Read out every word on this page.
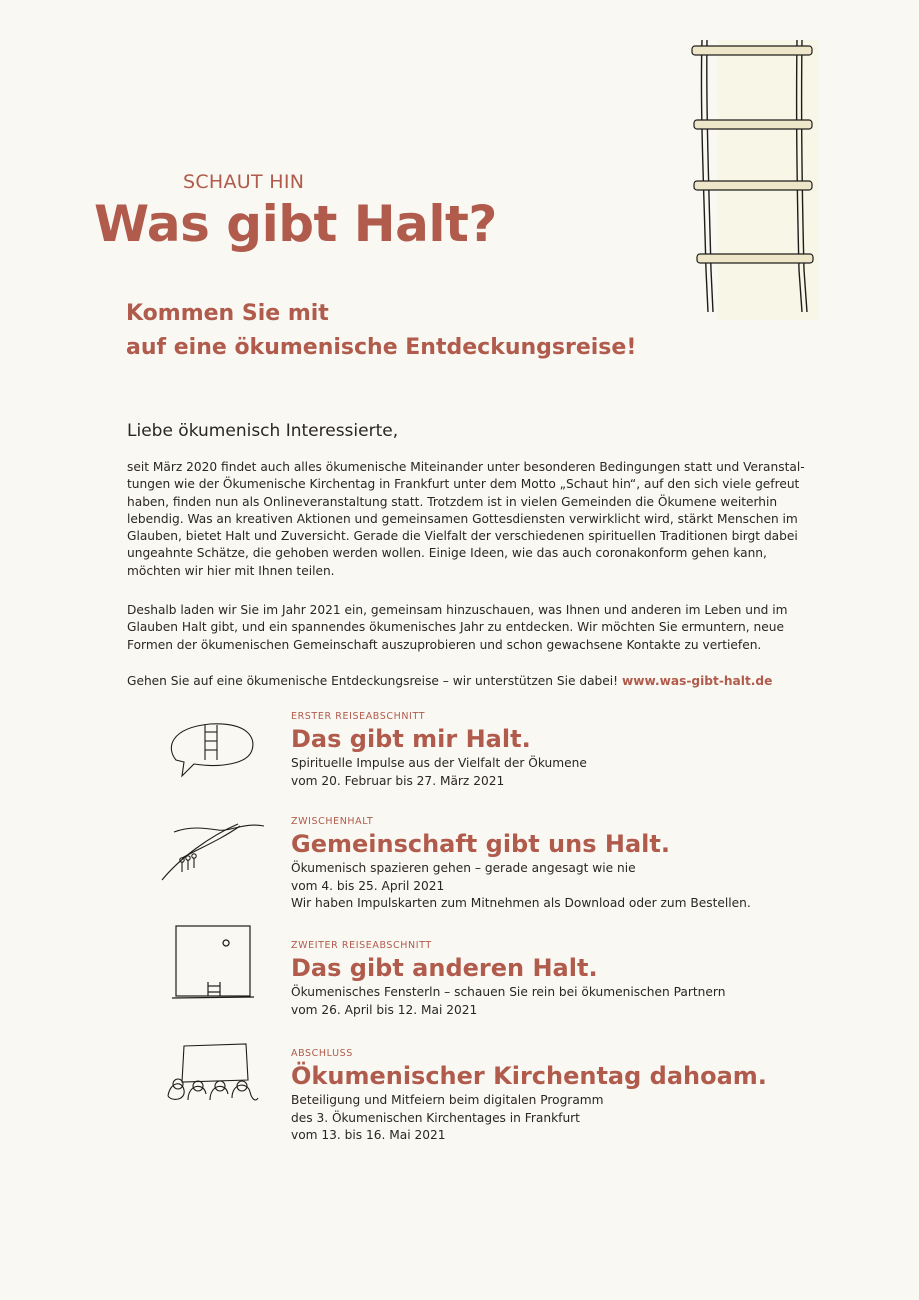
SCHAUT HIN
Was gibt Halt?
Kommen Sie mit
auf eine ökumenische Entdeckungsreise!
Liebe ökumenisch Interessierte,
seit März 2020 findet auch alles ökumenische Miteinander unter besonderen Bedingungen statt und Veranstal-
tungen wie der Ökumenische Kirchentag in Frankfurt unter dem Motto „Schaut hin“, auf den sich viele gefreut
haben, finden nun als Onlineveranstaltung statt. Trotzdem ist in vielen Gemeinden die Ökumene weiterhin
lebendig. Was an kreativen Aktionen und gemeinsamen Gottesdiensten verwirklicht wird, stärkt Menschen im
Glauben, bietet Halt und Zuversicht. Gerade die Vielfalt der verschiedenen spirituellen Traditionen birgt dabei
ungeahnte Schätze, die gehoben werden wollen. Einige Ideen, wie das auch coronakonform gehen kann,
möchten wir hier mit Ihnen teilen.
Deshalb laden wir Sie im Jahr 2021 ein, gemeinsam hinzuschauen, was Ihnen und anderen im Leben und im
Glauben Halt gibt, und ein spannendes ökumenisches Jahr zu entdecken. Wir möchten Sie ermuntern, neue
Formen der ökumenischen Gemeinschaft auszuprobieren und schon gewachsene Kontakte zu vertiefen.
Gehen Sie auf eine ökumenische Entdeckungsreise – wir unterstützen Sie dabei! www.was-gibt-halt.de
ERSTER REISEABSCHNITT
Das gibt mir Halt.
Spirituelle Impulse aus der Vielfalt der Ökumene
vom 20. Februar bis 27. März 2021
ZWISCHENHALT
Gemeinschaft gibt uns Halt.
Ökumenisch spazieren gehen – gerade angesagt wie nie
vom 4. bis 25. April 2021
Wir haben Impulskarten zum Mitnehmen als Download oder zum Bestellen.
ZWEITER REISEABSCHNITT
Das gibt anderen Halt.
Ökumenisches Fensterln – schauen Sie rein bei ökumenischen Partnern
vom 26. April bis 12. Mai 2021
ABSCHLUSS
Ökumenischer Kirchentag dahoam.
Beteiligung und Mitfeiern beim digitalen Programm
des 3. Ökumenischen Kirchentages in Frankfurt
vom 13. bis 16. Mai 2021
